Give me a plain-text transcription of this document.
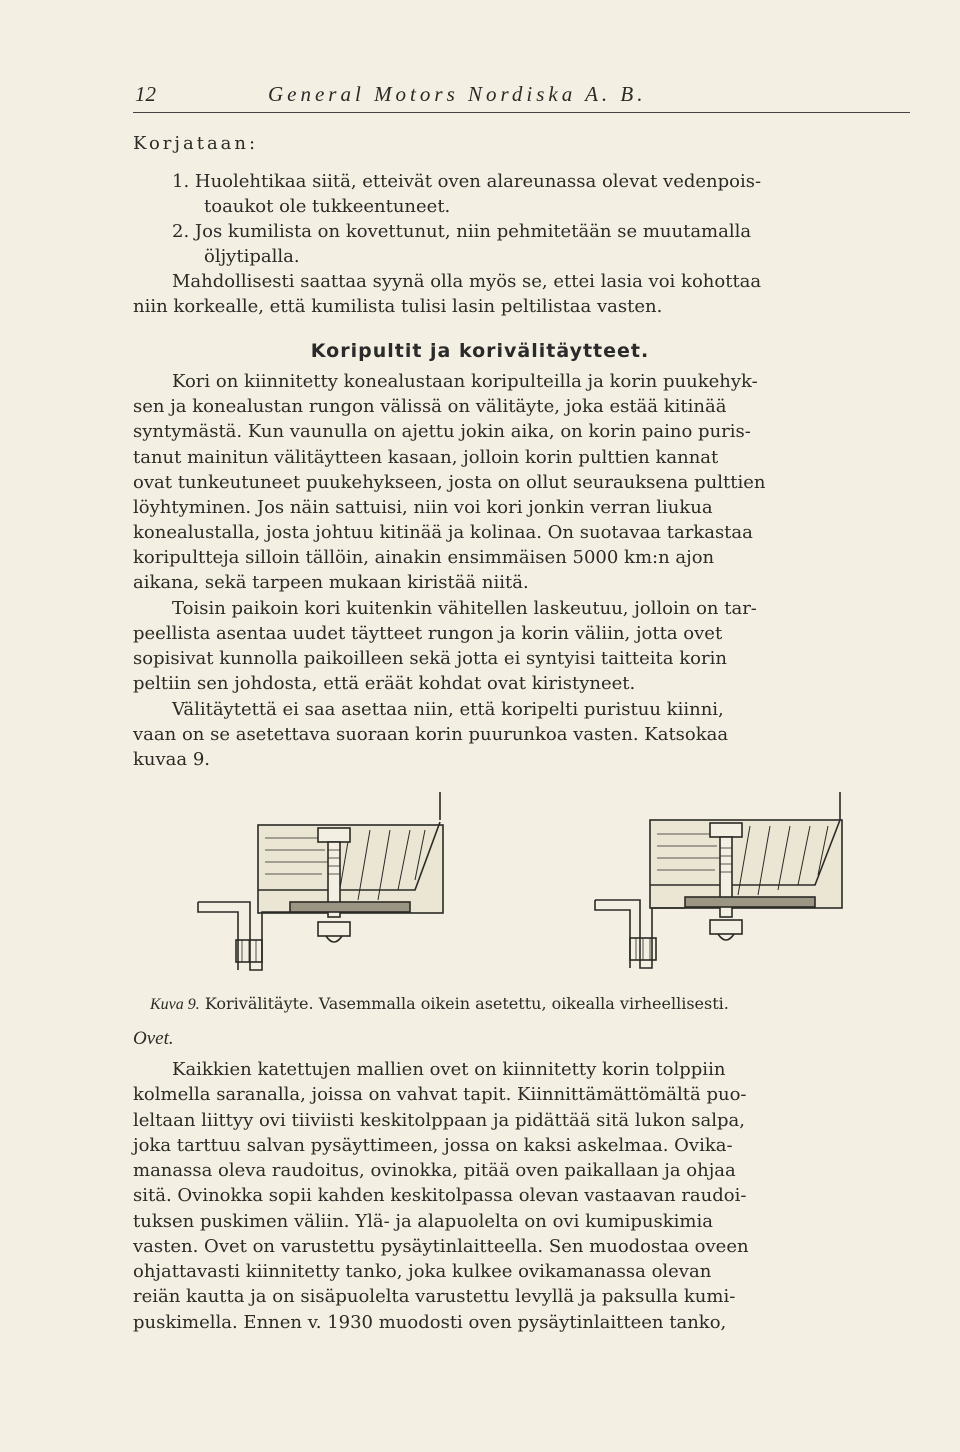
12	General Motors Nordiska A. B.
Korjataan:
1. Huolehtikaa siitä, etteivät oven alareunassa olevat vedenpois-
toaukot ole tukkeentuneet.
2. Jos kumilista on kovettunut, niin pehmitetään se muutamalla
öljytipalla.
Mahdollisesti saattaa syynä olla myös se, ettei lasia voi kohottaa
niin korkealle, että kumilista tulisi lasin peltilistaa vasten.
Koripultit ja korivälitäytteet.
Kori on kiinnitetty konealustaan koripulteilla ja korin puukehyk-
sen ja konealustan rungon välissä on välitäyte, joka estää kitinää
syntymästä. Kun vaunulla on ajettu jokin aika, on korin paino puris-
tanut mainitun välitäytteen kasaan, jolloin korin pulttien kannat
ovat tunkeutuneet puukehykseen, josta on ollut seurauksena pulttien
löyhtyminen. Jos näin sattuisi, niin voi kori jonkin verran liukua
konealustalla, josta johtuu kitinää ja kolinaa. On suotavaa tarkastaa
koripultteja silloin tällöin, ainakin ensimmäisen 5000 km:n ajon
aikana, sekä tarpeen mukaan kiristää niitä.
Toisin paikoin kori kuitenkin vähitellen laskeutuu, jolloin on tar-
peellista asentaa uudet täytteet rungon ja korin väliin, jotta ovet
sopisivat kunnolla paikoilleen sekä jotta ei syntyisi taitteita korin
peltiin sen johdosta, että eräät kohdat ovat kiristyneet.
Välitäytettä ei saa asettaa niin, että koripelti puristuu kiinni,
vaan on se asetettava suoraan korin puurunkoa vasten. Katsokaa
kuvaa 9.
Kuva 9. Korivälitäyte. Vasemmalla oikein asetettu, oikealla virheellisesti.
Ovet.
Kaikkien katettujen mallien ovet on kiinnitetty korin tolppiin
kolmella saranalla, joissa on vahvat tapit. Kiinnittämättömältä puo-
leltaan liittyy ovi tiiviisti keskitolppaan ja pidättää sitä lukon salpa,
joka tarttuu salvan pysäyttimeen, jossa on kaksi askelmaa. Ovika-
manassa oleva raudoitus, ovinokka, pitää oven paikallaan ja ohjaa
sitä. Ovinokka sopii kahden keskitolpassa olevan vastaavan raudoi-
tuksen puskimen väliin. Ylä- ja alapuolelta on ovi kumipuskimia
vasten. Ovet on varustettu pysäytinlaitteella. Sen muodostaa oveen
ohjattavasti kiinnitetty tanko, joka kulkee ovikamanassa olevan
reiän kautta ja on sisäpuolelta varustettu levyllä ja paksulla kumi-
puskimella. Ennen v. 1930 muodosti oven pysäytinlaitteen tanko,
